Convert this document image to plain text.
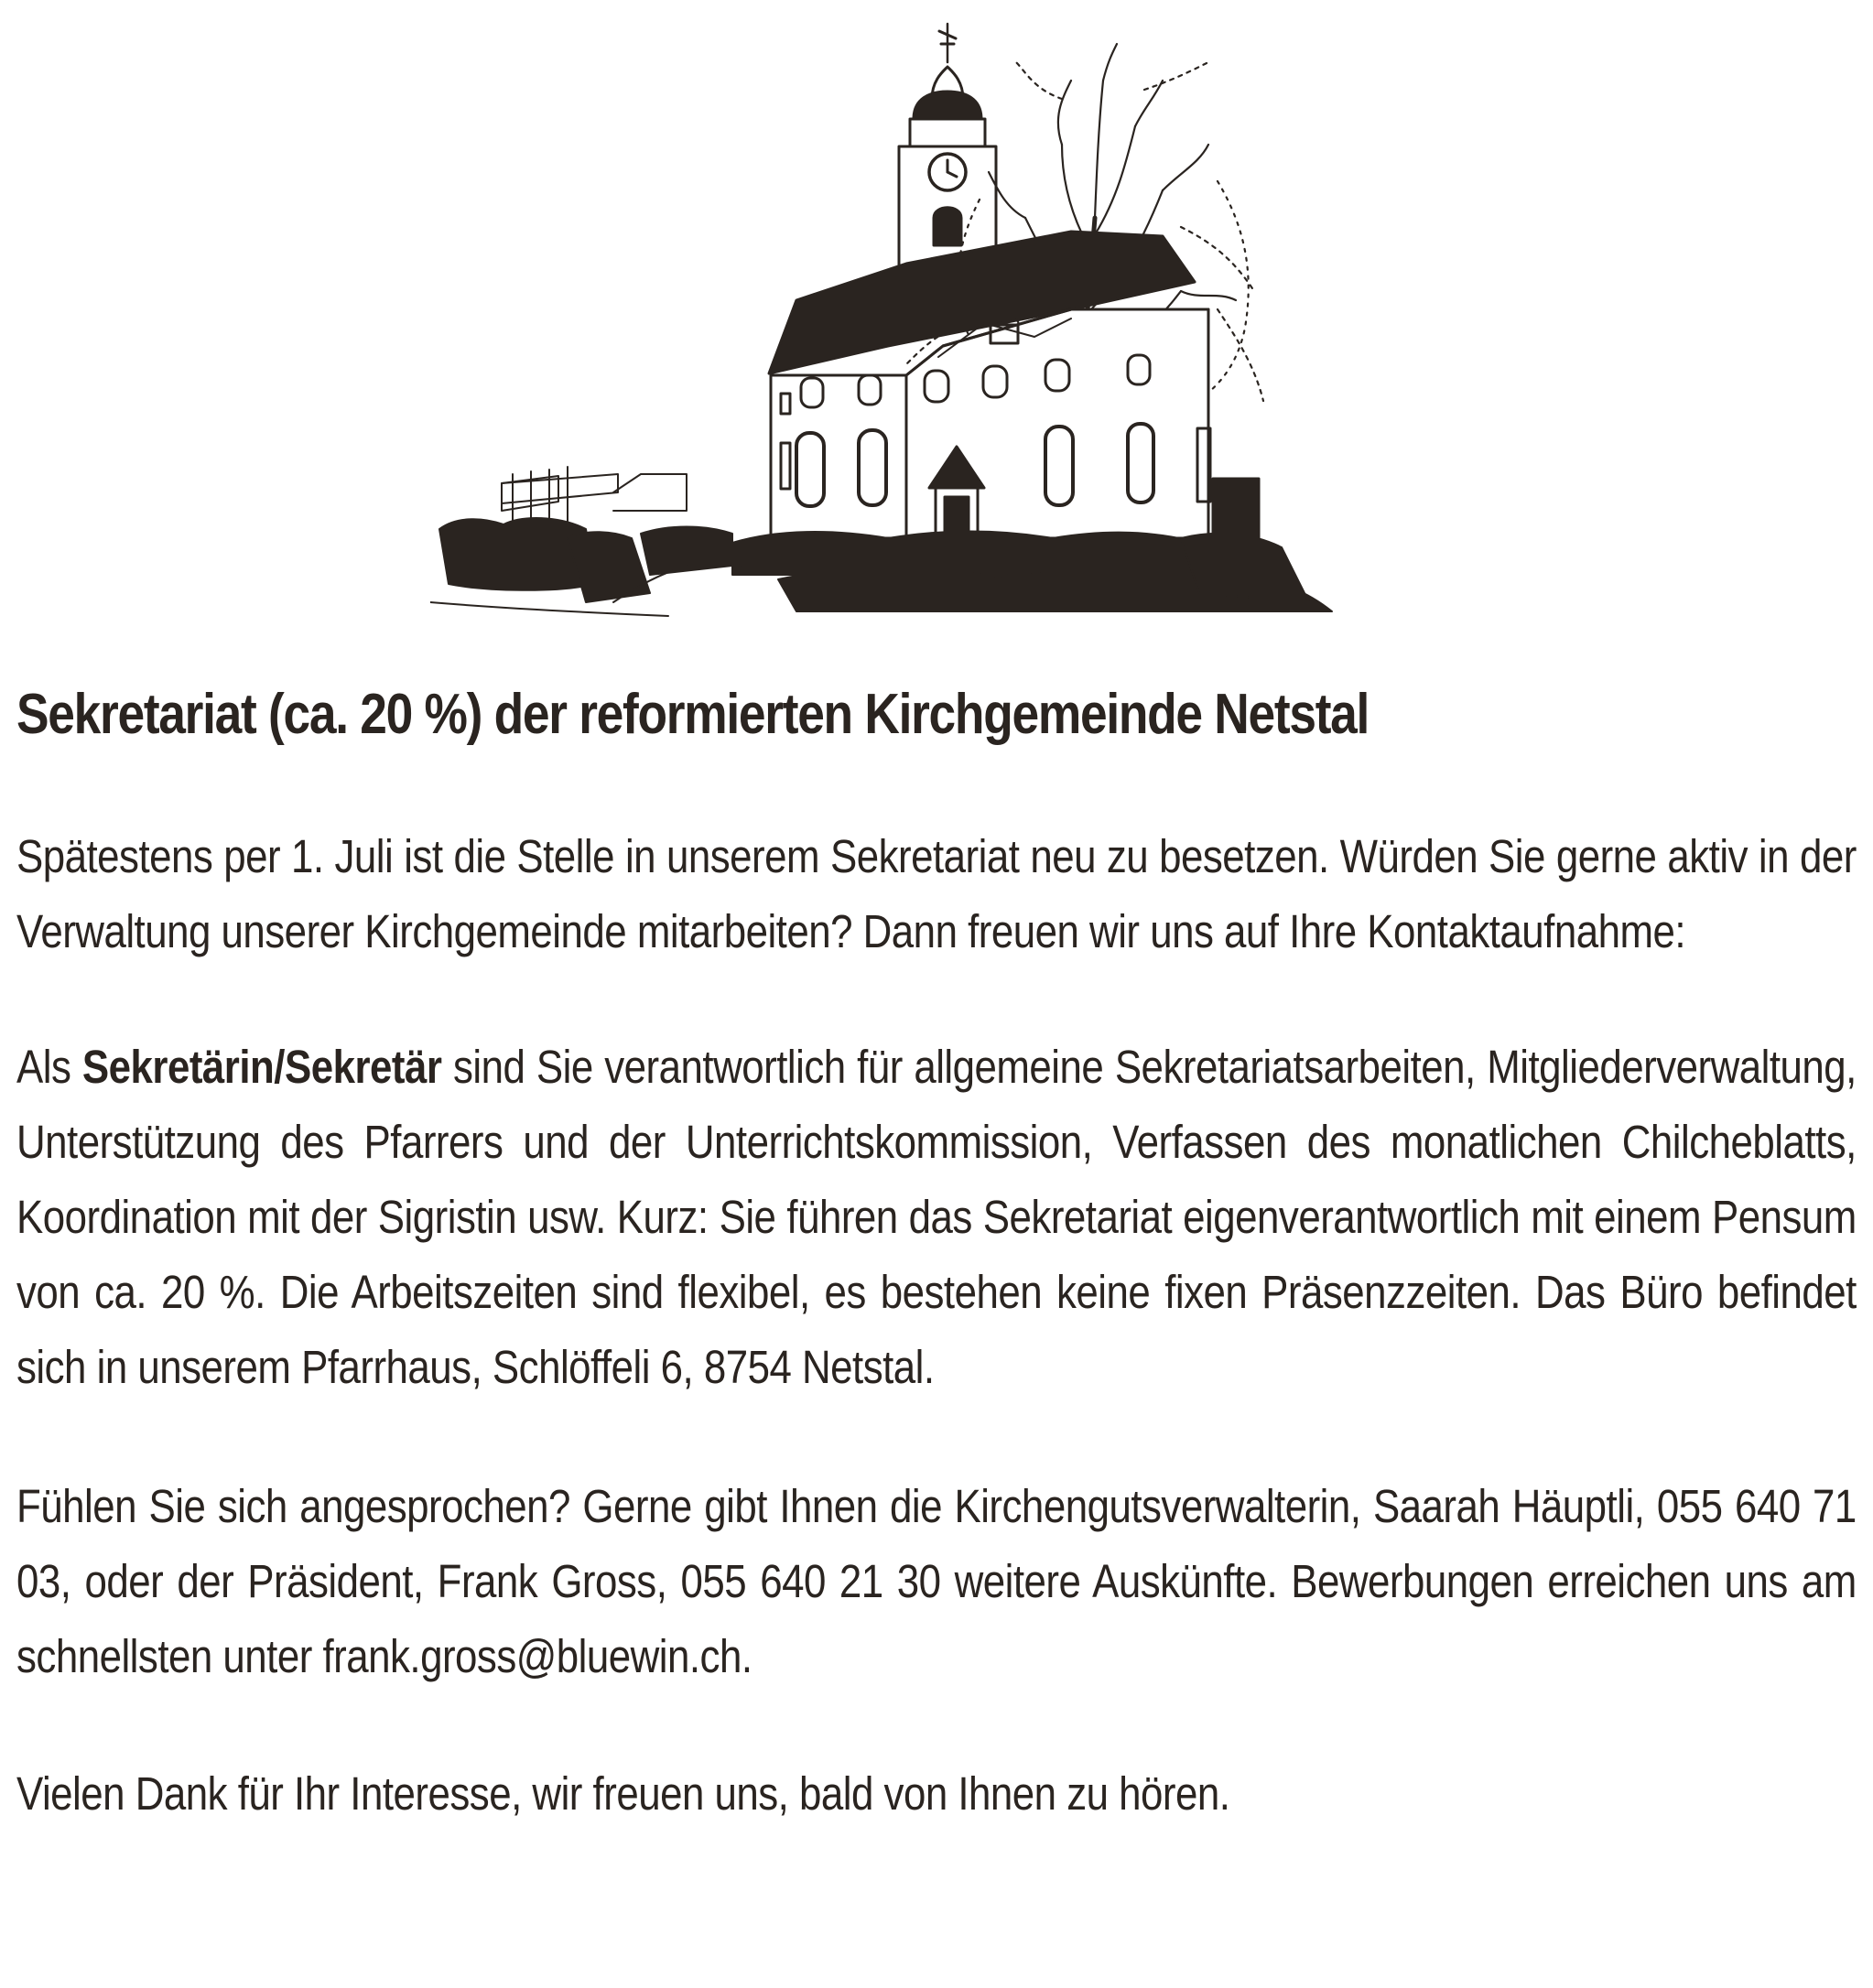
Sekretariat (ca. 20 %) der reformierten Kirchgemeinde Netstal

Spätestens per 1. Juli ist die Stelle in unserem Sekretariat neu zu besetzen. Würden Sie gerne aktiv in der Verwaltung unserer Kirchgemeinde mitarbeiten? Dann freuen wir uns auf Ihre Kontaktaufnahme:

Als Sekretärin/Sekretär sind Sie verantwortlich für allgemeine Sekretariatsarbeiten, Mitgliederverwaltung, Unterstützung des Pfarrers und der Unterrichtskommission, Verfassen des monatlichen Chilcheblatts, Koordination mit der Sigristin usw. Kurz: Sie führen das Sekretariat eigenverantwortlich mit einem Pensum von ca. 20 %. Die Arbeitszeiten sind flexibel, es bestehen keine fixen Präsenzzeiten. Das Büro befindet sich in unserem Pfarrhaus, Schlöffeli 6, 8754 Netstal.

Fühlen Sie sich angesprochen? Gerne gibt Ihnen die Kirchengutsverwalterin, Saarah Häuptli, 055 640 71 03, oder der Präsident, Frank Gross, 055 640 21 30 weitere Auskünfte. Bewerbungen erreichen uns am schnellsten unter frank.gross@bluewin.ch.

Vielen Dank für Ihr Interesse, wir freuen uns, bald von Ihnen zu hören.
